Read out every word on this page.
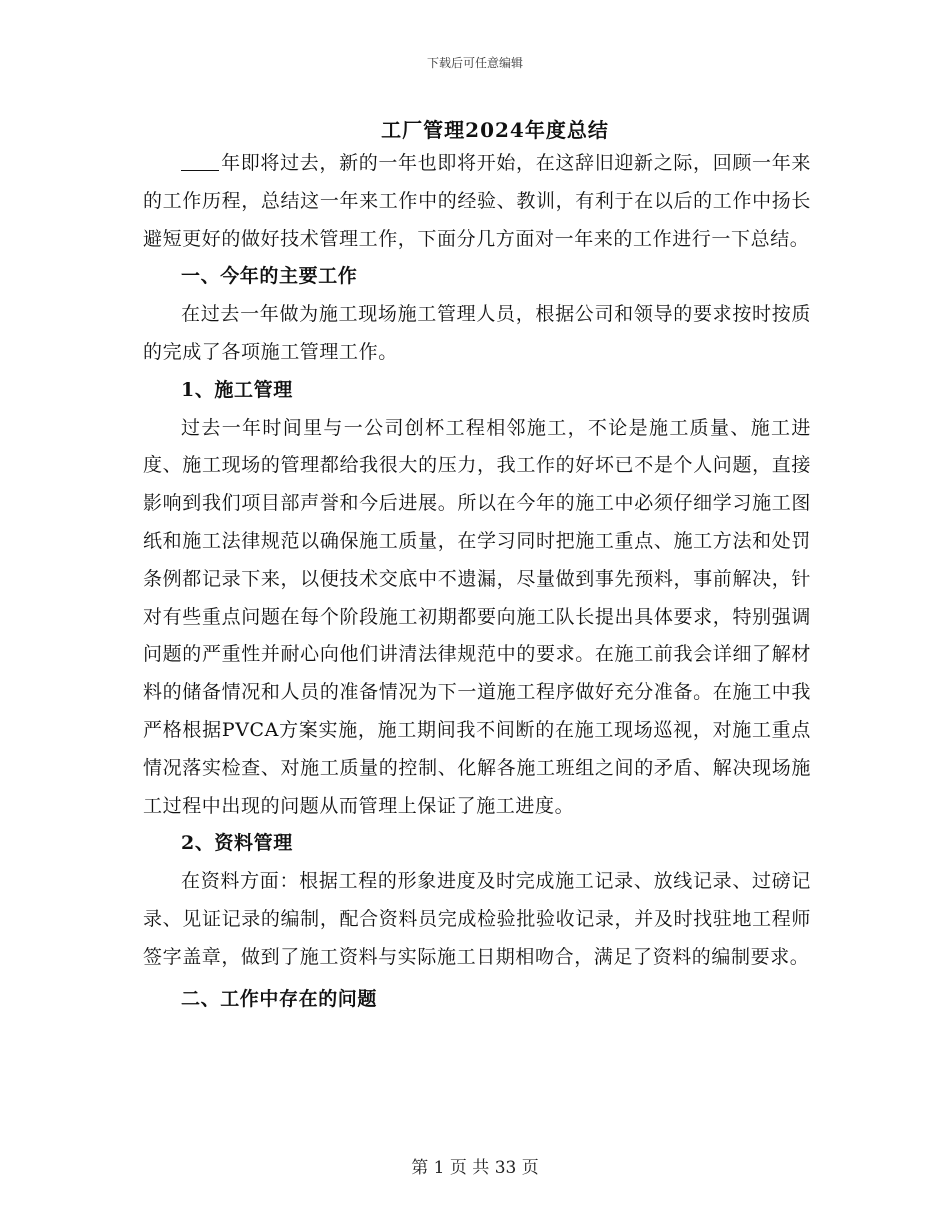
下载后可任意编辑
工厂管理2024年度总结

年即将过去，新的一年也即将开始，在这辞旧迎新之际，回顾一年来的工作历程，总结这一年来工作中的经验、教训，有利于在以后的工作中扬长避短更好的做好技术管理工作，下面分几方面对一年来的工作进行一下总结。

一、今年的主要工作

在过去一年做为施工现场施工管理人员，根据公司和领导的要求按时按质的完成了各项施工管理工作。

1、施工管理

过去一年时间里与一公司创杯工程相邻施工，不论是施工质量、施工进度、施工现场的管理都给我很大的压力，我工作的好坏已不是个人问题，直接影响到我们项目部声誉和今后进展。所以在今年的施工中必须仔细学习施工图纸和施工法律规范以确保施工质量，在学习同时把施工重点、施工方法和处罚条例都记录下来，以便技术交底中不遗漏，尽量做到事先预料，事前解决，针对有些重点问题在每个阶段施工初期都要向施工队长提出具体要求，特别强调问题的严重性并耐心向他们讲清法律规范中的要求。在施工前我会详细了解材料的储备情况和人员的准备情况为下一道施工程序做好充分准备。在施工中我严格根据PVCA方案实施，施工期间我不间断的在施工现场巡视，对施工重点情况落实检查、对施工质量的控制、化解各施工班组之间的矛盾、解决现场施工过程中出现的问题从而管理上保证了施工进度。

2、资料管理

在资料方面：根据工程的形象进度及时完成施工记录、放线记录、过磅记录、见证记录的编制，配合资料员完成检验批验收记录，并及时找驻地工程师签字盖章，做到了施工资料与实际施工日期相吻合，满足了资料的编制要求。

二、工作中存在的问题

第 1 页 共 33 页
